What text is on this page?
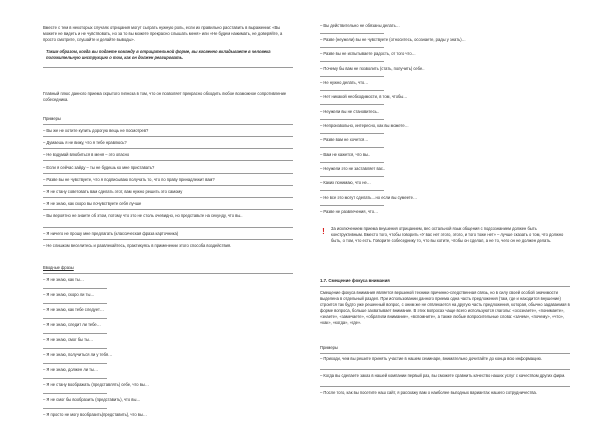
Вместе с тем в некоторых случаях отрицания могут сыграть нужную роль, если их правильно расставить в выражении: «Вы можете не видеть и не чувствовать, но за то вы можете прекрасно слышать меня» или «Не будем нажимать, не доверяйте, а просто смотрите, слушайте и делайте выводы».
Таким образом, когда вы подаете команду в отрицательной форме, вы косвенно вкладываете в человека положительную инструкцию о том, как он должен реагировать.
Главный плюс данного приема скрытого гипноза в том, что он позволяет прекрасно обходить любое возможное сопротивление собеседника.
Примеры
– Вы же не хотите купить дорогую вещь не посмотрев?
– Думаешь я не вижу, что я тебе нравлюсь?
– Не вздумай влюбиться в меня – это опасно
– Если я сейчас зайду – ты не будешь ко мне приставать?
– Разве вы не чувствуете, что я подписываю получать то, что по праву принадлежит вам?
– Я не стану советовать вам сделать этот, вам нужно решить это самому
– Я не знаю, как скоро вы почувствуете себя лучше
– Вы вероятно не знаете об этом, потому что это не столь очевидно, но представьте на секунду, что вы..
– Я ничего не прошу мне предлагать (классическая фраза карточника)
– Не слишком веселитесь и развлекайтесь, практикуясь в применении этого способа воздействия.
Вводные фразы
– Я не знаю, как ты…
– Я не знаю, скоро ли ты…
– Я не знаю, как тебе следует…
– Я не знаю, следит ли тебе…
– Я не знаю, смог бы ты…
– Я не знаю, получиться ли у тебя…
– Я не знаю, должен ли ты…
– Я не стану воображать (представлять) себе, что вы…
– Я не смог бы вообразить (представить), что вы…
– Я просто не могу вообразить(представить), что вы…
– Вы действительно не обязаны делать…
– Разве (неужели) вы не чувствуете (относитесь, осознаете, рады у знать)…
– Разве вы не испытываете радость, от того что…
– Почему бы вам не позволить (стать, получить) себе..
– Не нужно делать, что…
– Нет никакой необходимости, в том, чтобы…
– Неужели вы не становитесь..
– Непроизвольно, интересно, как вы можете…
– Разве вам не хочется…
– Вам не кажется, что вы..
– Неужели это не заставляет вас..
– Каких понимаю, что не…
– Не все это могут сделать…но если вы сумеете…
– Разве не развлечения, что…
!	За исключением приема внушения отрицанием, вес остальной язык общения с подсознанием должен быть конструктивным. Вместо того, чтобы говорить «У вас нет этого, этого, и того тоже нет» – лучше сказать о том, что должно быть, о том, что есть. Говорите собеседнику то, что вы хотите, чтобы он сделал, а не то, чего он не должен делать.
1.7. Смещение фокуса внимания
Смещение фокуса внимания является вершиной техники причинно-следственная связь, но в силу своей особой значимости выделена в отдельный раздел. При использовании данного приема одна часть предложения (там, где и находится внушение) строится так будто уже решенный вопрос, с оним же не отвлекается на другую часть предложения, которая, обычно задаваемая в форме вопроса, больше захватывает внимание. В этих вопросах чаще всего используются глаголы: «осознаете», «понимаете», «знаете», «замечаете», «обратили внимание», «вспомните», а также любые вопросительные слова: «зачем», «почему», «что», «как», «когда», «где».
Примеры
– Приходи, чем вы решите принять участие в нашем семинаре, внимательно дочитайте до конца всю информацию.
– Когда вы сделаете заказ в нашей компании первый раз, вы сможете сравнить качество наших услуг с качеством других фирм.
– После того, как вы посетите наш сайт, я расскажу вам о наиболее выгодных вариантах нашего сотрудничества.
